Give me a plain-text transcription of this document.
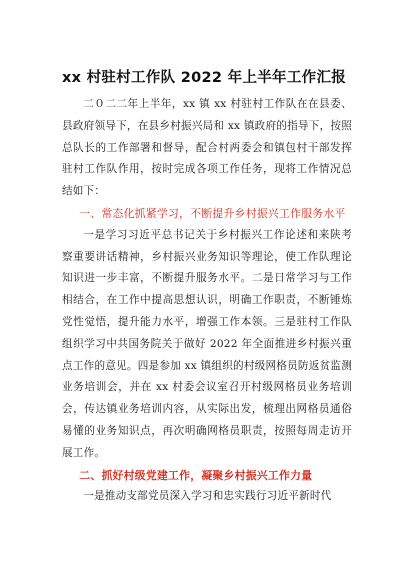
xx 村驻村工作队 2022 年上半年工作汇报

二０二二年上半年，xx 镇 xx 村驻村工作队在在县委、县政府领导下，在县乡村振兴局和 xx 镇政府的指导下，按照总队长的工作部署和督导，配合村两委会和镇包村干部发挥驻村工作队作用，按时完成各项工作任务，现将工作情况总结如下：

一、常态化抓紧学习，不断提升乡村振兴工作服务水平

一是学习习近平总书记关于乡村振兴工作论述和来陕考察重要讲话精神，乡村振兴业务知识等理论，使工作队理论知识进一步丰富，不断提升服务水平。二是日常学习与工作相结合，在工作中提高思想认识，明确工作职责，不断锤炼党性觉悟，提升能力水平，增强工作本领。三是驻村工作队组织学习中共国务院关于做好 2022 年全面推进乡村振兴重点工作的意见。四是参加 xx 镇组织的村级网格员防返贫监测业务培训会，并在 xx 村委会议室召开村级网格员业务培训会，传达镇业务培训内容，从实际出发，梳理出网格员通俗易懂的业务知识点，再次明确网格员职责，按照每周走访开展工作。

二、抓好村级党建工作，凝聚乡村振兴工作力量

一是推动支部党员深入学习和忠实践行习近平新时代
